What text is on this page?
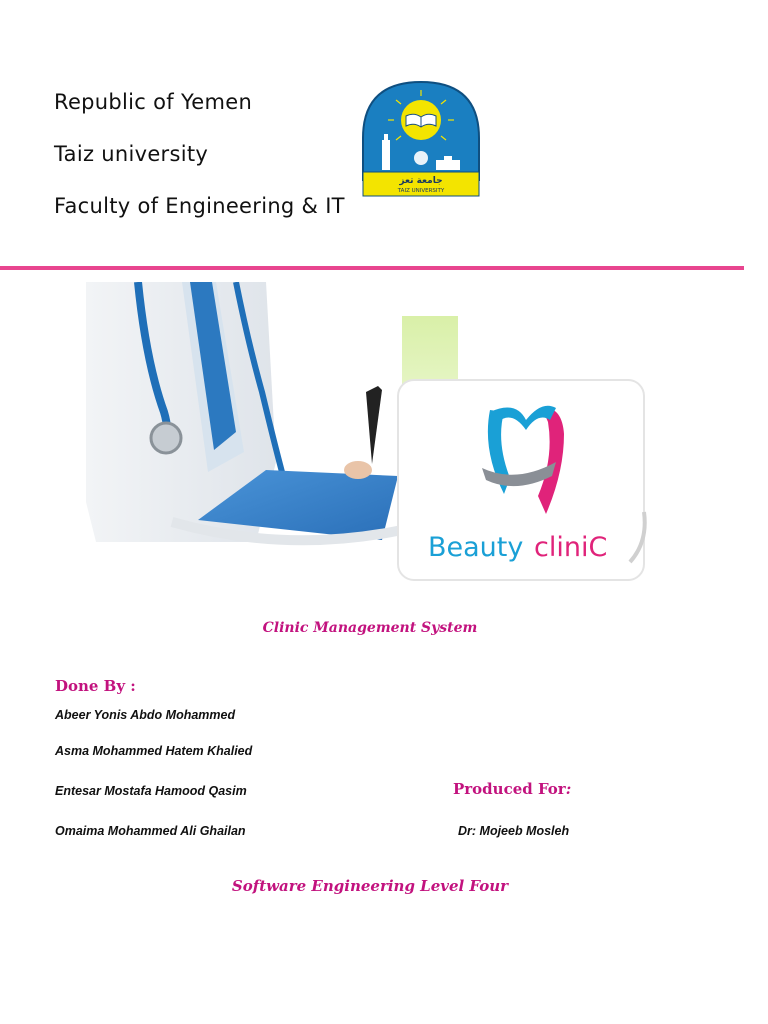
Republic of Yemen
Taiz university
Faculty of Engineering & IT
جامعة تعز
TAIZ UNIVERSITY
Beauty cliniC
Clinic Management System
Done By :
Abeer Yonis Abdo Mohammed
Asma Mohammed Hatem Khalied
Entesar Mostafa Hamood Qasim
Omaima Mohammed Ali Ghailan
Produced For:
Dr: Mojeeb Mosleh
Software Engineering Level Four
